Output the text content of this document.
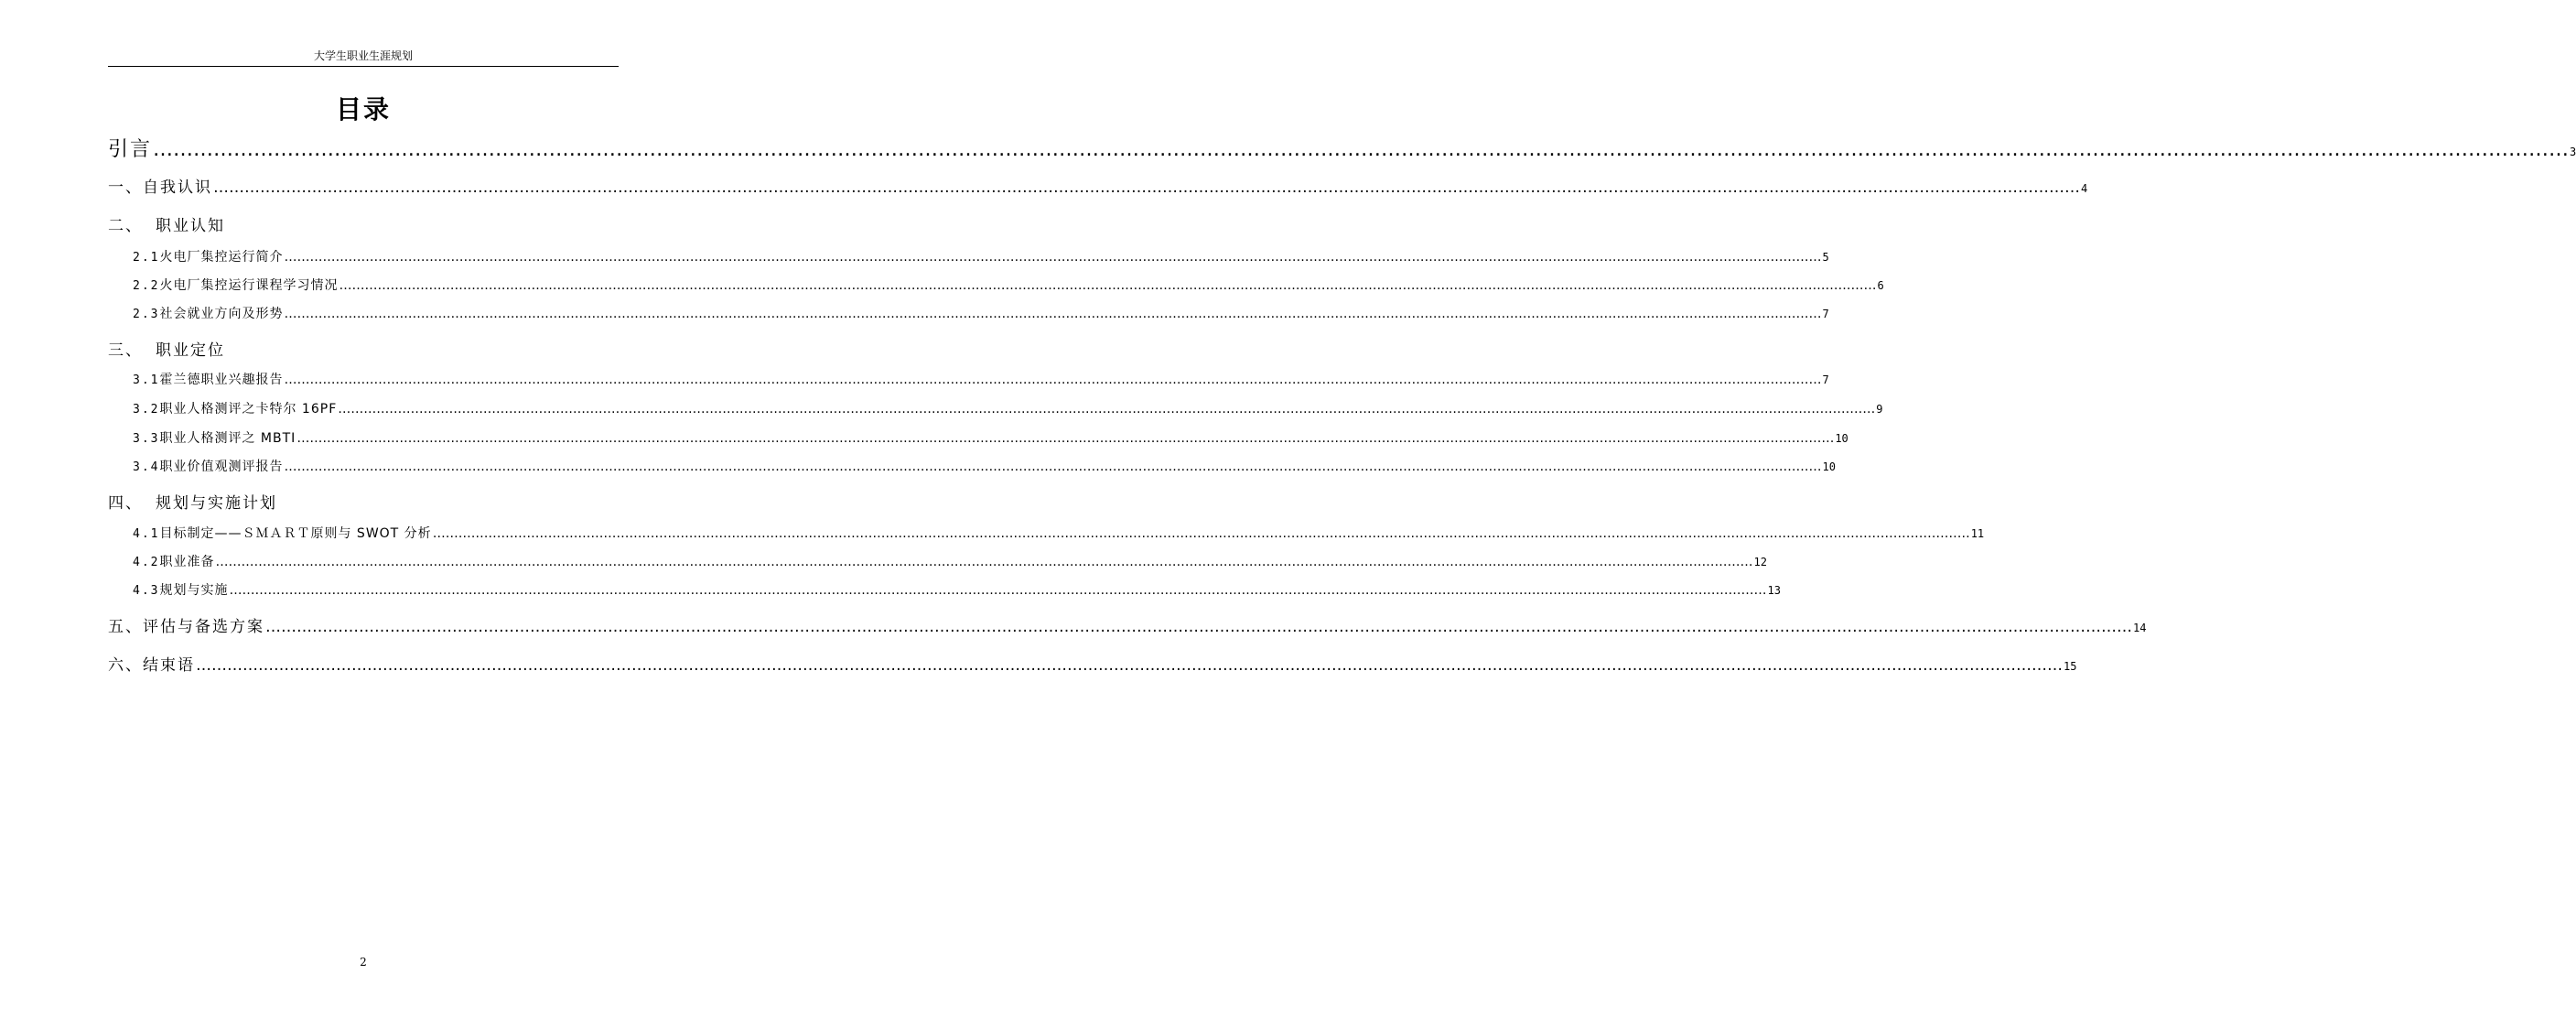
大学生职业生涯规划
目录
引言 ……………………………………………………………………………………………………………………………………………………………………………………………………………………………………………………………………………………………………………………………… 3
一、 自我认识 ……………………………………………………………………………………………………………………………………………………………………………………………………………………………………………………………………………………………………………………………… 4
二、 职业认知
2.1 火电厂集控运行简介 ……………………………………………………………………………………………………………………………………………………………………………………………………………………………………………………………………………………………………………………………… 5
2.2 火电厂集控运行课程学习情况 ……………………………………………………………………………………………………………………………………………………………………………………………………………………………………………………………………………………………………………………………… 6
2.3 社会就业方向及形势 ……………………………………………………………………………………………………………………………………………………………………………………………………………………………………………………………………………………………………………………………… 7
三、 职业定位
3.1 霍兰德职业兴趣报告 ……………………………………………………………………………………………………………………………………………………………………………………………………………………………………………………………………………………………………………………………… 7
3.2 职业人格测评之卡特尔 16PF ……………………………………………………………………………………………………………………………………………………………………………………………………………………………………………………………………………………………………………………………… 9
3.3 职业人格测评之 MBTI ……………………………………………………………………………………………………………………………………………………………………………………………………………………………………………………………………………………………………………………………… 10
3.4 职业价值观测评报告 ……………………………………………………………………………………………………………………………………………………………………………………………………………………………………………………………………………………………………………………………… 10
四、 规划与实施计划
4.1 目标制定——ＳＭＡＲＴ原则与 SWOT 分析 ……………………………………………………………………………………………………………………………………………………………………………………………………………………………………………………………………………………………………………………………… 11
4.2 职业准备 ……………………………………………………………………………………………………………………………………………………………………………………………………………………………………………………………………………………………………………………………… 12
4.3 规划与实施 ……………………………………………………………………………………………………………………………………………………………………………………………………………………………………………………………………………………………………………………………… 13
五、评估与备选方案 ……………………………………………………………………………………………………………………………………………………………………………………………………………………………………………………………………………………………………………………………… 14
六、结束语 ……………………………………………………………………………………………………………………………………………………………………………………………………………………………………………………………………………………………………………………………… 15
2
